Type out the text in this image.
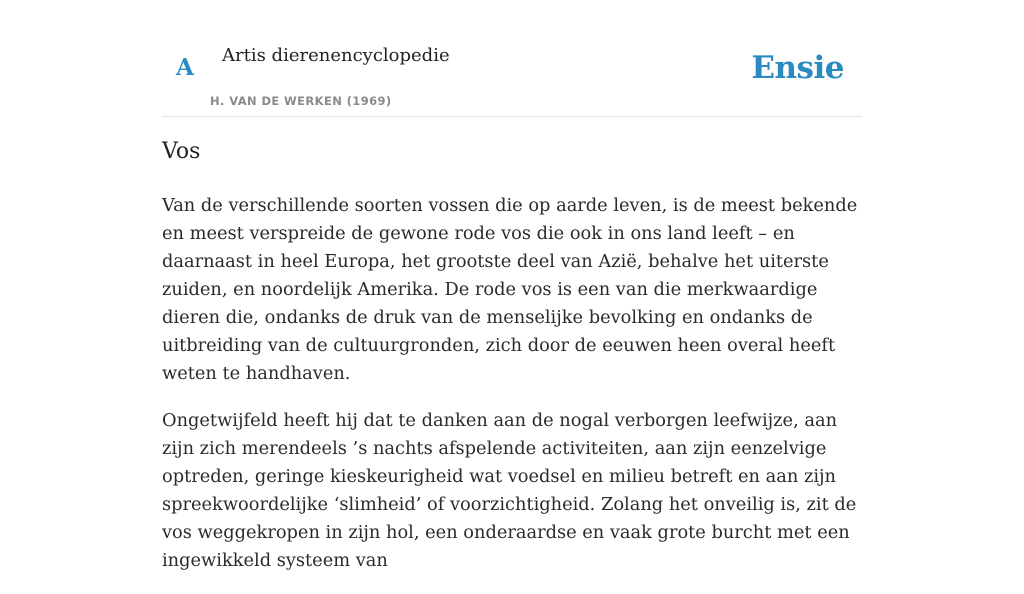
A Artis dierenencyclopedie
H. VAN DE WERKEN (1969)
Ensie
Vos

Van de verschillende soorten vossen die op aarde leven, is de meest bekende en meest verspreide de gewone rode vos die ook in ons land leeft – en daarnaast in heel Europa, het grootste deel van Azië, behalve het uiterste zuiden, en noordelijk Amerika. De rode vos is een van die merkwaardige dieren die, ondanks de druk van de menselijke bevolking en ondanks de uitbreiding van de cultuurgronden, zich door de eeuwen heen overal heeft weten te handhaven.

Ongetwijfeld heeft hij dat te danken aan de nogal verborgen leefwijze, aan zijn zich merendeels ’s nachts afspelende activiteiten, aan zijn eenzelvige optreden, geringe kieskeurigheid wat voedsel en milieu betreft en aan zijn spreekwoordelijke ‘slimheid’ of voorzichtigheid. Zolang het onveilig is, zit de vos weggekropen in zijn hol, een onderaardse en vaak grote burcht met een ingewikkeld systeem van
